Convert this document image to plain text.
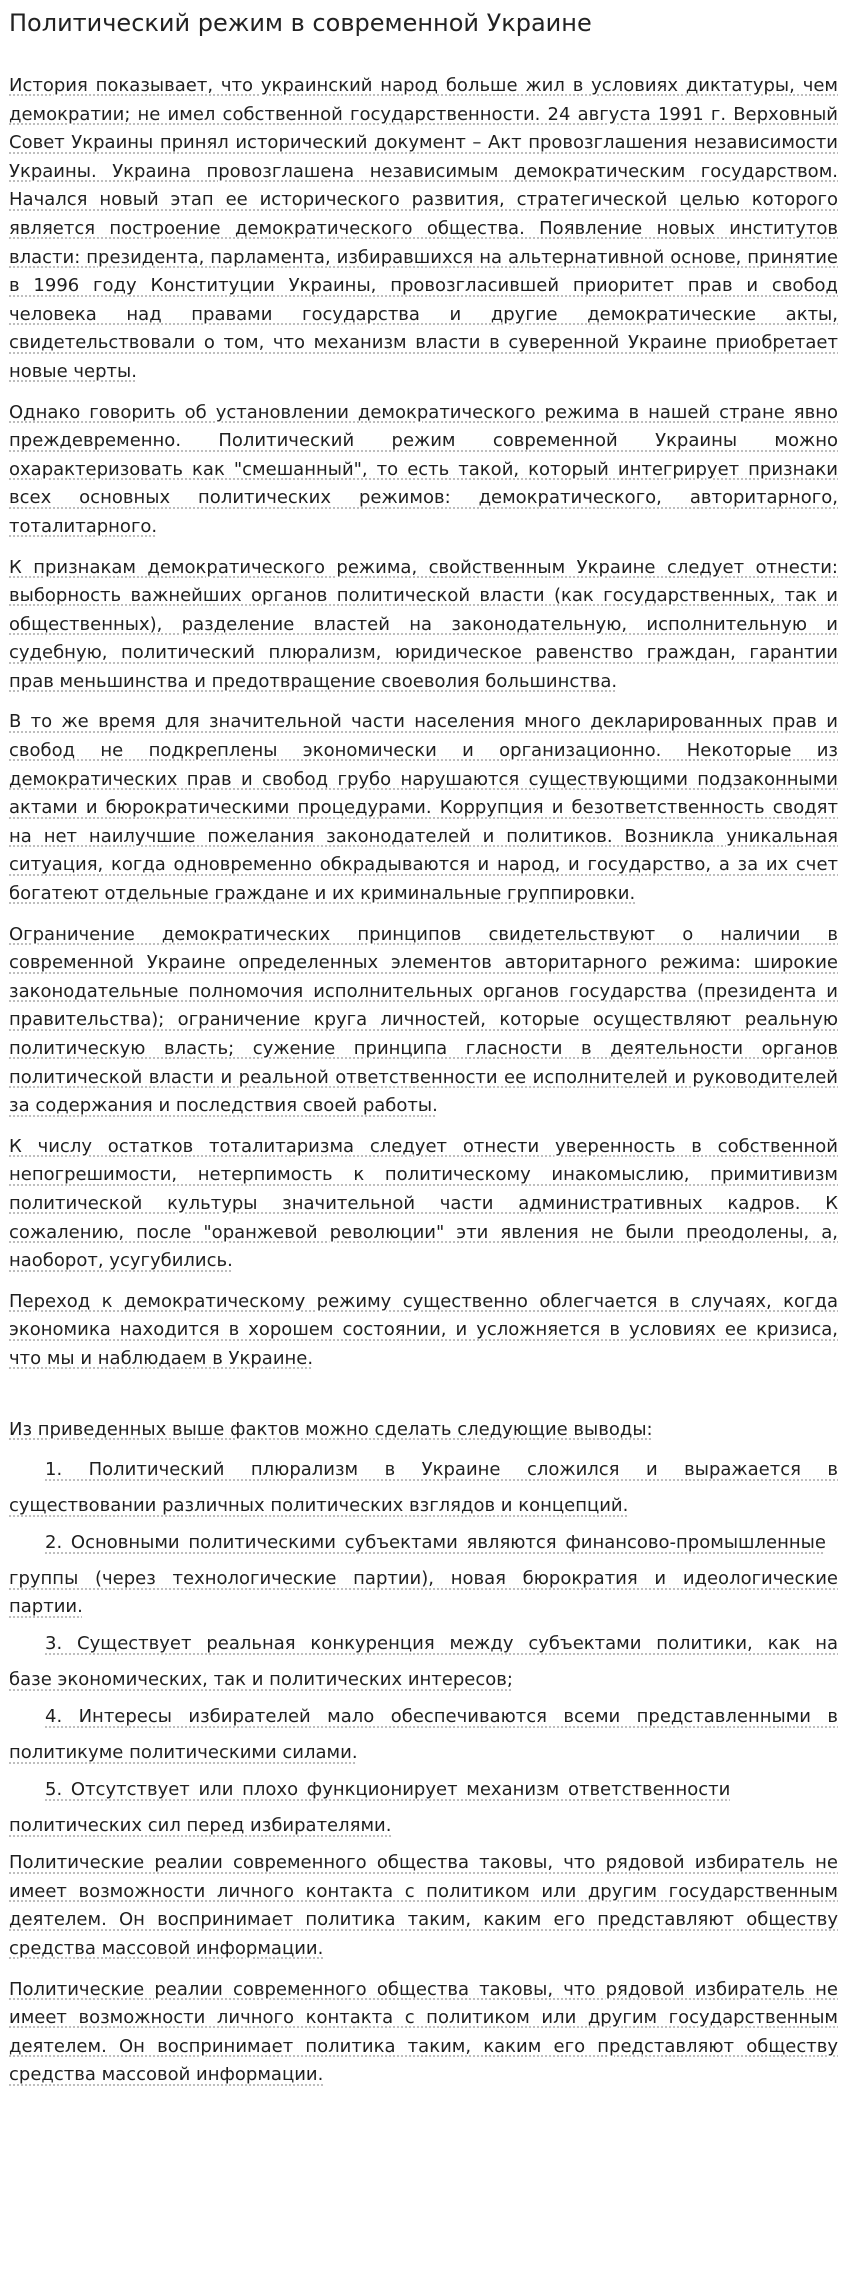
Политический режим в современной Украине

История показывает, что украинский народ больше жил в условиях диктатуры, чем демократии; не имел собственной государственности. 24 августа 1991 г. Верховный Совет Украины принял исторический документ – Акт провозглашения независимости Украины. Украина провозглашена независимым демократическим государством. Начался новый этап ее исторического развития, стратегической целью которого является построение демократического общества. Появление новых институтов власти: президента, парламента, избиравшихся на альтернативной основе, принятие в 1996 году Конституции Украины, провозгласившей приоритет прав и свобод человека над правами государства и другие демократические акты, свидетельствовали о том, что механизм власти в суверенной Украине приобретает новые черты.

Однако говорить об установлении демократического режима в нашей стране явно преждевременно. Политический режим современной Украины можно охарактеризовать как "смешанный", то есть такой, который интегрирует признаки всех основных политических режимов: демократического, авторитарного, тоталитарного.

К признакам демократического режима, свойственным Украине следует отнести: выборность важнейших органов политической власти (как государственных, так и общественных), разделение властей на законодательную, исполнительную и судебную, политический плюрализм, юридическое равенство граждан, гарантии прав меньшинства и предотвращение своеволия большинства.

В то же время для значительной части населения много декларированных прав и свобод не подкреплены экономически и организационно. Некоторые из демократических прав и свобод грубо нарушаются существующими подзаконными актами и бюрократическими процедурами. Коррупция и безответственность сводят на нет наилучшие пожелания законодателей и политиков. Возникла уникальная ситуация, когда одновременно обкрадываются и народ, и государство, а за их счет богатеют отдельные граждане и их криминальные группировки.

Ограничение демократических принципов свидетельствуют о наличии в современной Украине определенных элементов авторитарного режима: широкие законодательные полномочия исполнительных органов государства (президента и правительства); ограничение круга личностей, которые осуществляют реальную политическую власть; сужение принципа гласности в деятельности органов политической власти и реальной ответственности ее исполнителей и руководителей за содержания и последствия своей работы.

К числу остатков тоталитаризма следует отнести уверенность в собственной непогрешимости, нетерпимость к политическому инакомыслию, примитивизм политической культуры значительной части административных кадров. К сожалению, после "оранжевой революции" эти явления не были преодолены, а, наоборот, усугубились.

Переход к демократическому режиму существенно облегчается в случаях, когда экономика находится в хорошем состоянии, и усложняется в условиях ее кризиса, что мы и наблюдаем в Украине.

Из приведенных выше фактов можно сделать следующие выводы:

1. Политический плюрализм в Украине сложился и выражается в
существовании различных политических взглядов и концепций.
2. Основными политическими субъектами являются финансово-промышленные
группы (через технологические партии), новая бюрократия и идеологические партии.
3. Существует реальная конкуренция между субъектами политики, как на
базе экономических, так и политических интересов;
4. Интересы избирателей мало обеспечиваются всеми представленными в
политикуме политическими силами.
5. Отсутствует или плохо функционирует механизм ответственности
политических сил перед избирателями.

Политические реалии современного общества таковы, что рядовой избиратель не имеет возможности личного контакта с политиком или другим государственным деятелем. Он воспринимает политика таким, каким его представляют обществу средства массовой информации.

Политические реалии современного общества таковы, что рядовой избиратель не имеет возможности личного контакта с политиком или другим государственным деятелем. Он воспринимает политика таким, каким его представляют обществу средства массовой информации.
